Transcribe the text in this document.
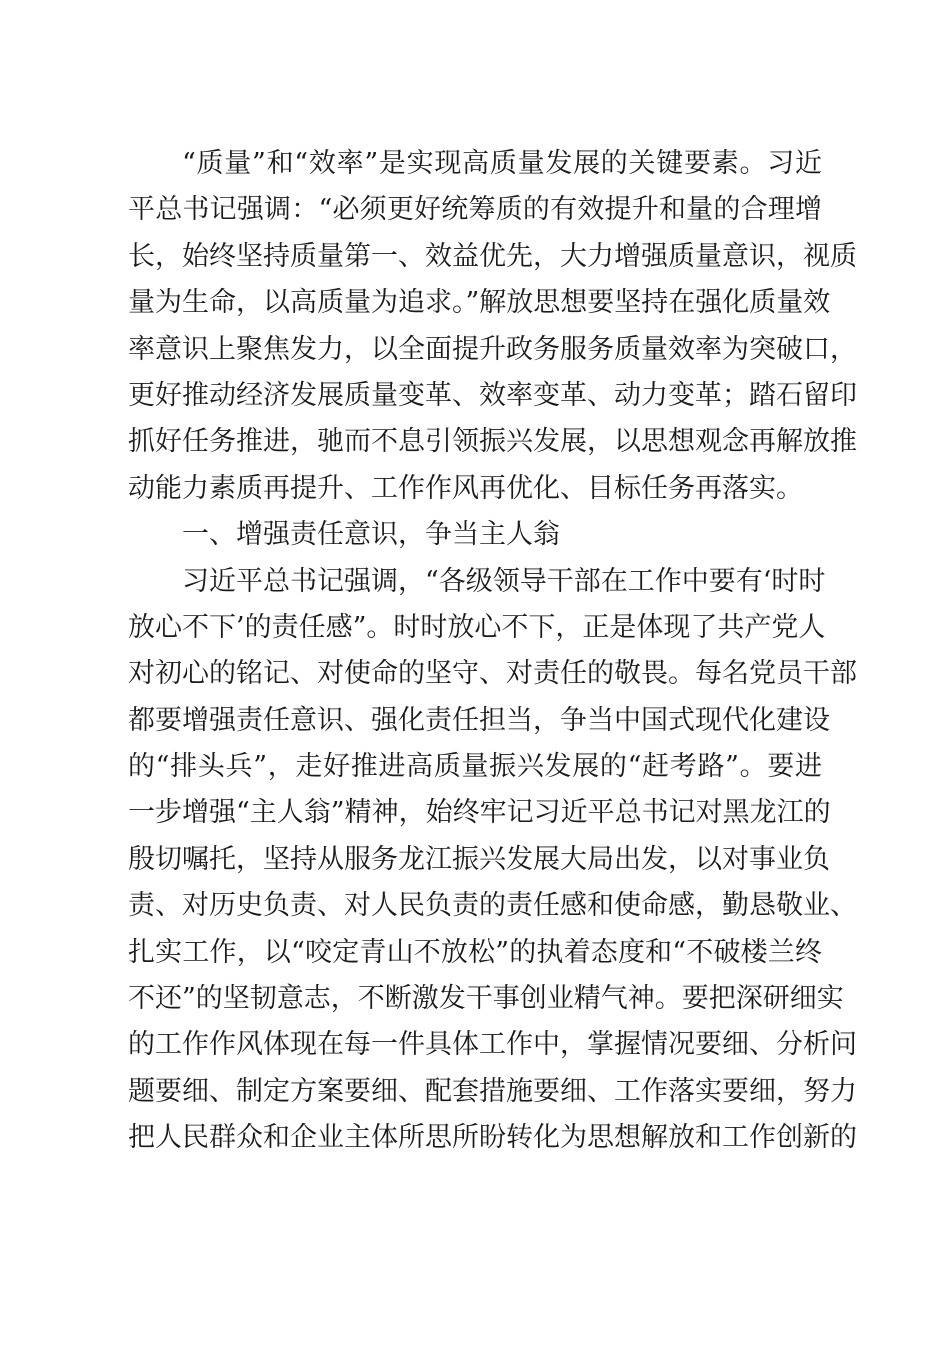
“质量”和“效率”是实现高质量发展的关键要素。习近
平总书记强调：“必须更好统筹质的有效提升和量的合理增
长，始终坚持质量第一、效益优先，大力增强质量意识，视质
量为生命，以高质量为追求。”解放思想要坚持在强化质量效
率意识上聚焦发力，以全面提升政务服务质量效率为突破口，
更好推动经济发展质量变革、效率变革、动力变革；踏石留印
抓好任务推进，驰而不息引领振兴发展，以思想观念再解放推
动能力素质再提升、工作作风再优化、目标任务再落实。
一、增强责任意识，争当主人翁
习近平总书记强调，“各级领导干部在工作中要有‘时时
放心不下’的责任感”。时时放心不下，正是体现了共产党人
对初心的铭记、对使命的坚守、对责任的敬畏。每名党员干部
都要增强责任意识、强化责任担当，争当中国式现代化建设
的“排头兵”，走好推进高质量振兴发展的“赶考路”。要进
一步增强“主人翁”精神，始终牢记习近平总书记对黑龙江的
殷切嘱托，坚持从服务龙江振兴发展大局出发，以对事业负
责、对历史负责、对人民负责的责任感和使命感，勤恳敬业、
扎实工作，以“咬定青山不放松”的执着态度和“不破楼兰终
不还”的坚韧意志，不断激发干事创业精气神。要把深研细实
的工作作风体现在每一件具体工作中，掌握情况要细、分析问
题要细、制定方案要细、配套措施要细、工作落实要细，努力
把人民群众和企业主体所思所盼转化为思想解放和工作创新的
